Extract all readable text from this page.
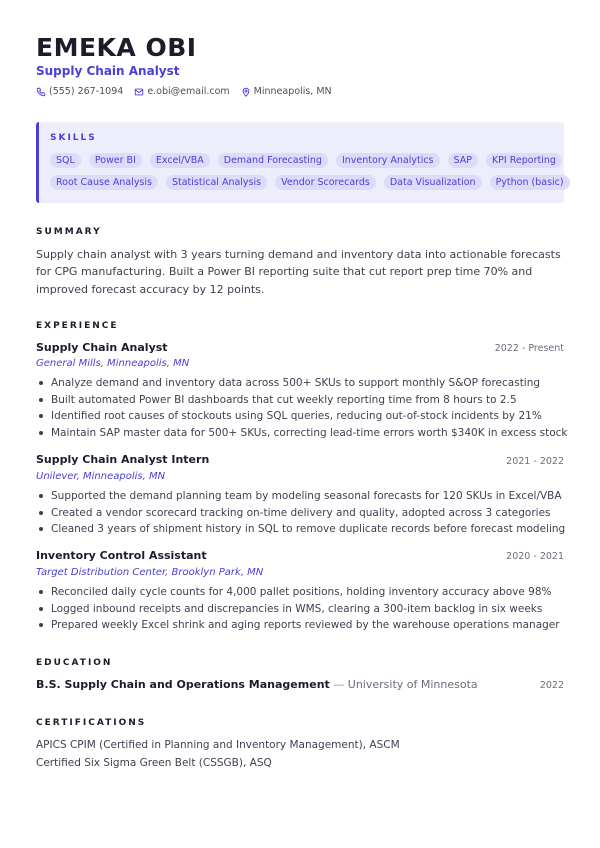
EMEKA OBI
Supply Chain Analyst
(555) 267-1094	e.obi@email.com	Minneapolis, MN
SKILLS
SQL	Power BI	Excel/VBA	Demand Forecasting	Inventory Analytics	SAP	KPI Reporting
Root Cause Analysis	Statistical Analysis	Vendor Scorecards	Data Visualization	Python (basic)
SUMMARY
Supply chain analyst with 3 years turning demand and inventory data into actionable forecasts for CPG manufacturing. Built a Power BI reporting suite that cut report prep time 70% and improved forecast accuracy by 12 points.
EXPERIENCE
Supply Chain Analyst	2022 - Present
General Mills, Minneapolis, MN
Analyze demand and inventory data across 500+ SKUs to support monthly S&OP forecasting
Built automated Power BI dashboards that cut weekly reporting time from 8 hours to 2.5
Identified root causes of stockouts using SQL queries, reducing out-of-stock incidents by 21%
Maintain SAP master data for 500+ SKUs, correcting lead-time errors worth $340K in excess stock
Supply Chain Analyst Intern	2021 - 2022
Unilever, Minneapolis, MN
Supported the demand planning team by modeling seasonal forecasts for 120 SKUs in Excel/VBA
Created a vendor scorecard tracking on-time delivery and quality, adopted across 3 categories
Cleaned 3 years of shipment history in SQL to remove duplicate records before forecast modeling
Inventory Control Assistant	2020 - 2021
Target Distribution Center, Brooklyn Park, MN
Reconciled daily cycle counts for 4,000 pallet positions, holding inventory accuracy above 98%
Logged inbound receipts and discrepancies in WMS, clearing a 300-item backlog in six weeks
Prepared weekly Excel shrink and aging reports reviewed by the warehouse operations manager
EDUCATION
B.S. Supply Chain and Operations Management — University of Minnesota	2022
CERTIFICATIONS
APICS CPIM (Certified in Planning and Inventory Management), ASCM
Certified Six Sigma Green Belt (CSSGB), ASQ
